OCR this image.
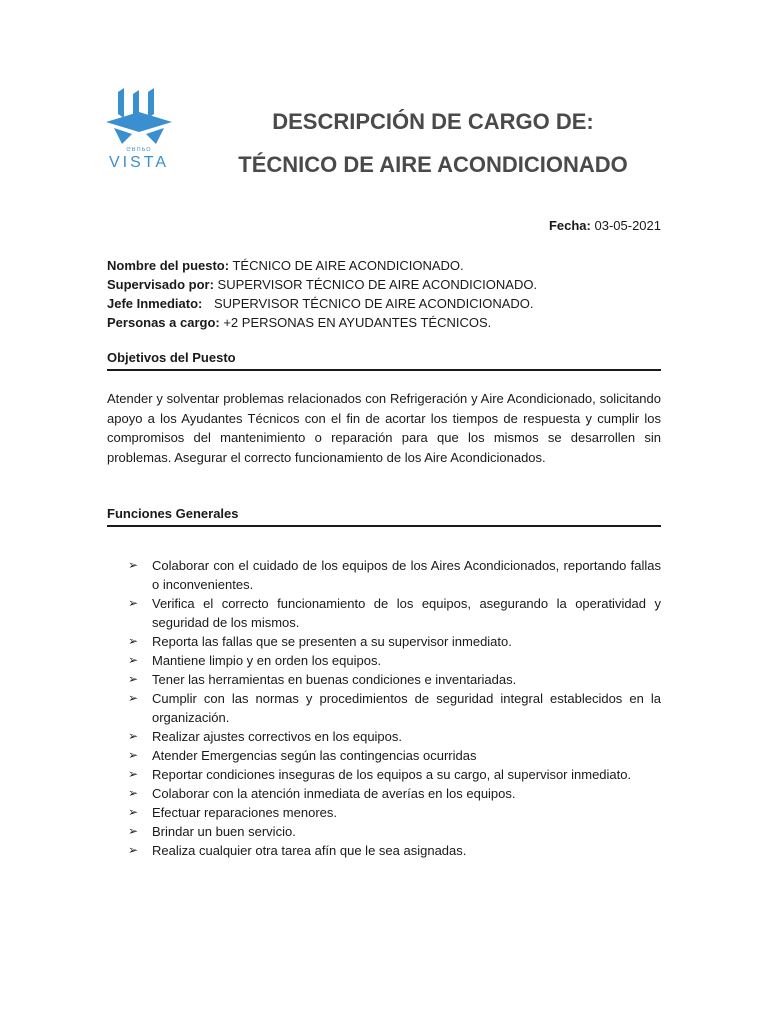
GRUPO
VISTA
DESCRIPCIÓN DE CARGO DE:
TÉCNICO DE AIRE ACONDICIONADO
Fecha: 03-05-2021
Nombre del puesto: TÉCNICO DE AIRE ACONDICIONADO.
Supervisado por: SUPERVISOR TÉCNICO DE AIRE ACONDICIONADO.
Jefe Inmediato: SUPERVISOR TÉCNICO DE AIRE ACONDICIONADO.
Personas a cargo: +2 PERSONAS EN AYUDANTES TÉCNICOS.
Objetivos del Puesto

Atender y solventar problemas relacionados con Refrigeración y Aire Acondicionado, solicitando apoyo a los Ayudantes Técnicos con el fin de acortar los tiempos de respuesta y cumplir los compromisos del mantenimiento o reparación para que los mismos se desarrollen sin problemas. Asegurar el correcto funcionamiento de los Aire Acondicionados.

Funciones Generales
➢ Colaborar con el cuidado de los equipos de los Aires Acondicionados, reportando fallas o inconvenientes.
➢ Verifica el correcto funcionamiento de los equipos, asegurando la operatividad y seguridad de los mismos.
➢ Reporta las fallas que se presenten a su supervisor inmediato.
➢ Mantiene limpio y en orden los equipos.
➢ Tener las herramientas en buenas condiciones e inventariadas.
➢ Cumplir con las normas y procedimientos de seguridad integral establecidos en la organización.
➢ Realizar ajustes correctivos en los equipos.
➢ Atender Emergencias según las contingencias ocurridas
➢ Reportar condiciones inseguras de los equipos a su cargo, al supervisor inmediato.
➢ Colaborar con la atención inmediata de averías en los equipos.
➢ Efectuar reparaciones menores.
➢ Brindar un buen servicio.
➢ Realiza cualquier otra tarea afín que le sea asignadas.
